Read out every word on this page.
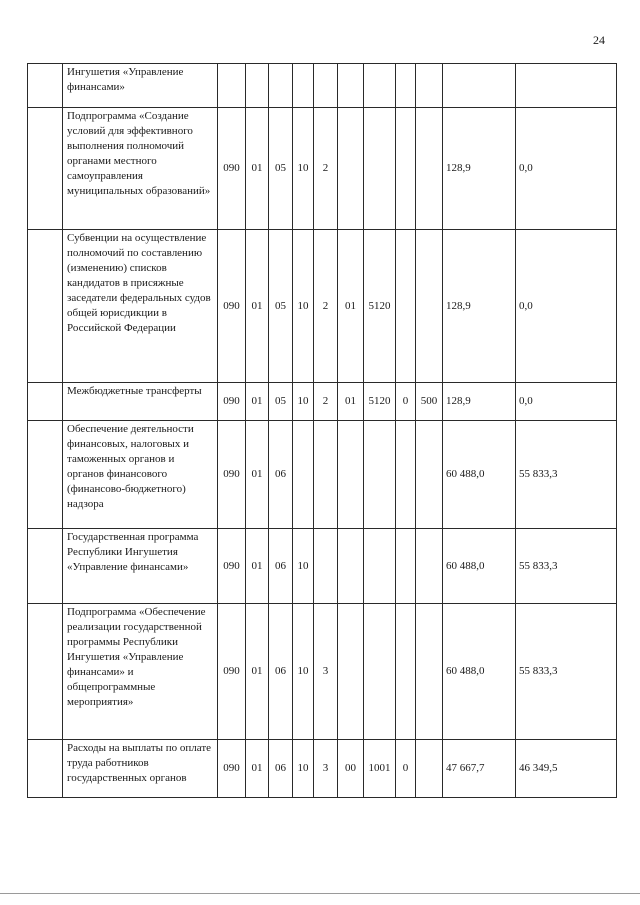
24
	Ингушетия «Управление финансами»											
	Подпрограмма «Создание условий для эффективного выполнения полномочий органами местного самоуправления муниципальных образований»	090	01	05	10	2					128,9	0,0
	Субвенции на осуществление полномочий по составлению (изменению) списков кандидатов в присяжные заседатели федеральных судов общей юрисдикции в Российской Федерации	090	01	05	10	2	01	5120			128,9	0,0
	Межбюджетные трансферты	090	01	05	10	2	01	5120	0	500	128,9	0,0
	Обеспечение деятельности финансовых, налоговых и таможенных органов и органов финансового (финансово-бюджетного) надзора	090	01	06							60 488,0	55 833,3
	Государственная программа Республики Ингушетия «Управление финансами»	090	01	06	10						60 488,0	55 833,3
	Подпрограмма «Обеспечение реализации государственной программы Республики Ингушетия «Управление финансами» и общепрограммные мероприятия»	090	01	06	10	3					60 488,0	55 833,3
	Расходы на выплаты по оплате труда работников государственных органов	090	01	06	10	3	00	1001	0		47 667,7	46 349,5
